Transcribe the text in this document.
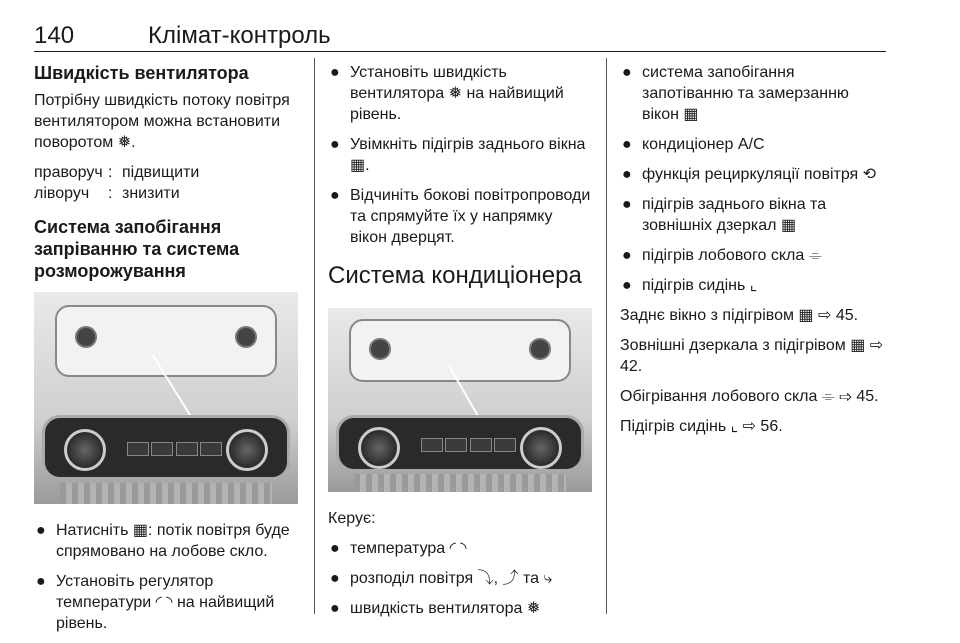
140	Клімат-контроль
Швидкість вентилятора

Потрібну швидкість потоку повітря вентилятором можна встановити поворотом ❅.

праворуч : підвищити
ліворуч	: знизити
Система запобігання запріванню та система розморожування
● Натисніть ▦: потік повітря буде спрямовано на лобове скло.
● Установіть регулятор температури ◜ ◝ на найвищий рівень.
● Установіть швидкість вентилятора ❅ на найвищий рівень.
● Увімкніть підігрів заднього вікна ▦.
● Відчиніть бокові повітропроводи та спрямуйте їх у напрямку вікон дверцят.
Система кондиціонера

Керує:

● температура ◜ ◝
● розподіл повітря ⤵, ⤴ та ⤷
● швидкість вентилятора ❅
● система запобігання запотіванню та замерзанню вікон ▦
● кондиціонер A/C
● функція рециркуляції повітря ⟲
● підігрів заднього вікна та зовнішніх дзеркал ▦
● підігрів лобового скла ⌯
● підігрів сидінь ⌞

Заднє вікно з підігрівом ▦ ⇨ 45.

Зовнішні дзеркала з підігрівом ▦ ⇨ 42.

Обігрівання лобового скла ⌯ ⇨ 45.

Підігрів сидінь ⌞ ⇨ 56.
